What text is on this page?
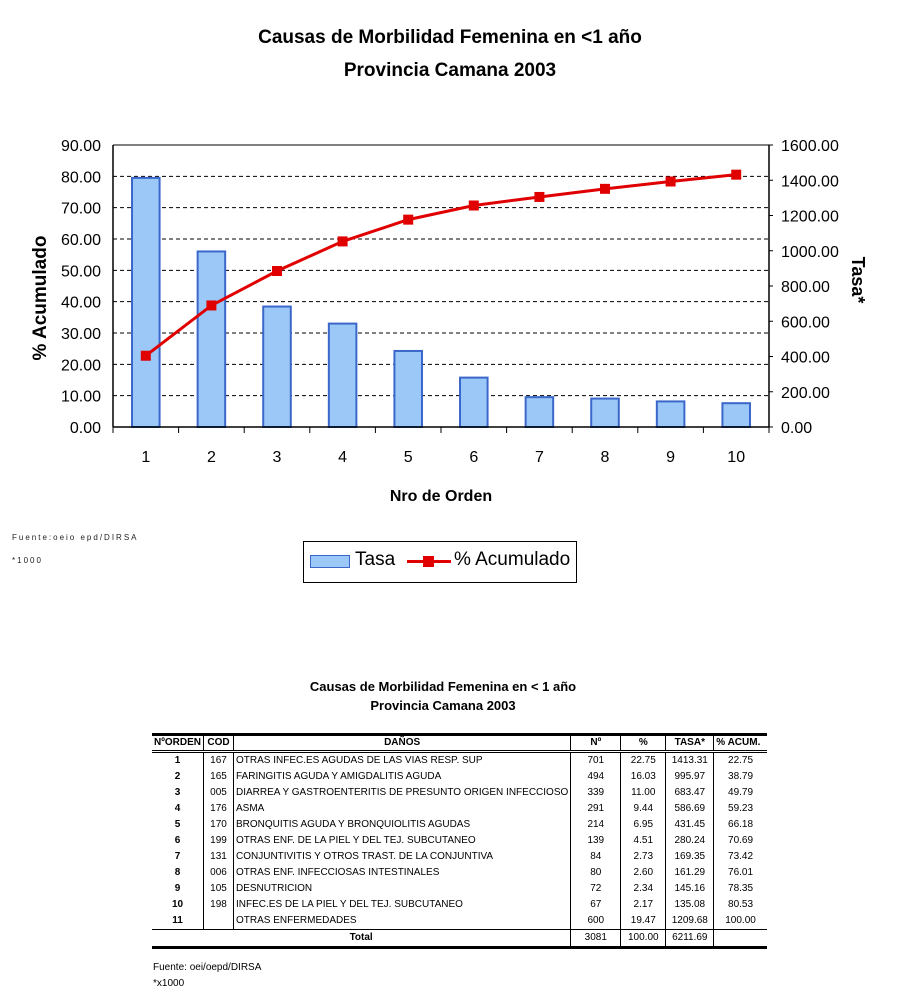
Causas de Morbilidad Femenina en <1 año
Provincia Camana 2003
0.00
10.00
20.00
30.00
40.00
50.00
60.00
70.00
80.00
90.00
0.00
200.00
400.00
600.00
800.00
1000.00
1200.00
1400.00
1600.00
1	2	3	4	5	6	7	8	9	10
% Acumulado	Tasa*
Nro de Orden
Fuente:oeio epd/DIRSA
*1000	Tasa	% Acumulado
Causas de Morbilidad Femenina en < 1 año
Provincia Camana 2003
NºORDEN	COD	DAÑOS	Nº	%	TASA*	% ACUM.
1	167	OTRAS INFEC.ES AGUDAS DE LAS VIAS RESP. SUP	701	22.75	1413.31	22.75
2	165	FARINGITIS AGUDA Y AMIGDALITIS AGUDA	494	16.03	995.97	38.79
3	005	DIARREA Y GASTROENTERITIS DE PRESUNTO ORIGEN INFECCIOSO	339	11.00	683.47	49.79
4	176	ASMA	291	9.44	586.69	59.23
5	170	BRONQUITIS AGUDA Y BRONQUIOLITIS AGUDAS	214	6.95	431.45	66.18
6	199	OTRAS ENF. DE LA PIEL Y DEL TEJ. SUBCUTANEO	139	4.51	280.24	70.69
7	131	CONJUNTIVITIS Y OTROS TRAST. DE LA CONJUNTIVA	84	2.73	169.35	73.42
8	006	OTRAS ENF. INFECCIOSAS INTESTINALES	80	2.60	161.29	76.01
9	105	DESNUTRICION	72	2.34	145.16	78.35
10	198	INFEC.ES DE LA PIEL Y DEL TEJ. SUBCUTANEO	67	2.17	135.08	80.53
11		OTRAS ENFERMEDADES	600	19.47	1209.68	100.00
Total			3081	100.00	6211.69	
Fuente: oei/oepd/DIRSA
*x1000
